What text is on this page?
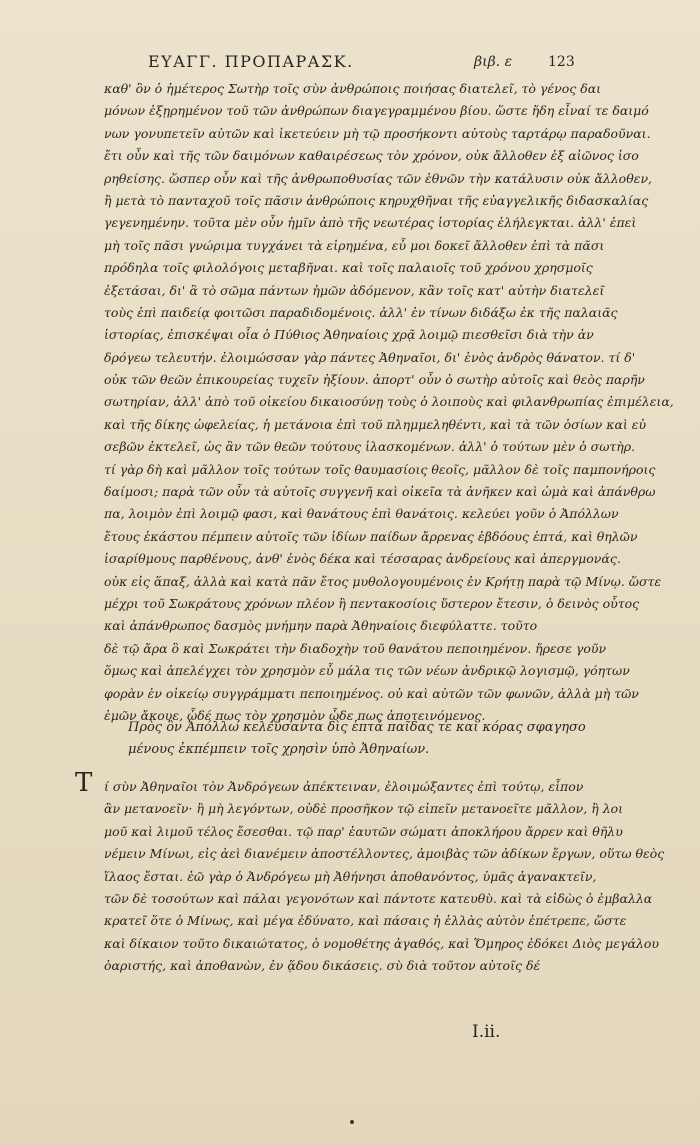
ΕΥΑΓΓ. ΠΡΟΠΑΡΑΣΚ.	βιβ. ε	123
καθ' ὃν ὁ ἡμέτερος Σωτὴρ τοῖς σὺν ἀνθρώποις ποιήσας διατελεῖ, τὸ γένος δαι
μόνων ἐξῃρημένον τοῦ τῶν ἀνθρώπων διαγεγραμμένου βίου. ὥστε ἤδη εἶναί τε δαιμό
νων γονυπετεῖν αὐτῶν καὶ ἱκετεύειν μὴ τῷ προσήκοντι αὐτοὺς ταρτάρῳ παραδοῦναι.
ἔτι οὖν καὶ τῆς τῶν δαιμόνων καθαιρέσεως τὸν χρόνον, οὐκ ἄλλοθεν ἐξ αἰῶνος ἰσο
ρηθείσης. ὥσπερ οὖν καὶ τῆς ἀνθρωποθυσίας τῶν ἐθνῶν τὴν κατάλυσιν οὐκ ἄλλοθεν,
ἢ μετὰ τὸ πανταχοῦ τοῖς πᾶσιν ἀνθρώποις κηρυχθῆναι τῆς εὐαγγελικῆς διδασκαλίας
γεγενημένην. τοῦτα μὲν οὖν ἡμῖν ἀπὸ τῆς νεωτέρας ἱστορίας ἐλήλεγκται. ἀλλ' ἐπεὶ
μὴ τοῖς πᾶσι γνώριμα τυγχάνει τὰ εἰρημένα, εὖ μοι δοκεῖ ἄλλοθεν ἐπὶ τὰ πᾶσι
πρόδηλα τοῖς φιλολόγοις μεταβῆναι. καὶ τοῖς παλαιοῖς τοῦ χρόνου χρησμοῖς
ἐξετάσαι, δι' ἃ τὸ σῶμα πάντων ἡμῶν ἀδόμενον, κἂν τοῖς κατ' αὐτὴν διατελεῖ
τοὺς ἐπὶ παιδείᾳ φοιτῶσι παραδιδομένοις. ἀλλ' ἐν τίνων διδάξω ἐκ τῆς παλαιᾶς
ἱστορίας, ἐπισκέψαι οἷα ὁ Πύθιος Ἀθηναίοις χρᾷ λοιμῷ πιεσθεῖσι διὰ τὴν ἀν
δρόγεω τελευτήν. ἐλοιμώσσαν γὰρ πάντες Ἀθηναῖοι, δι' ἑνὸς ἀνδρὸς θάνατον. τί δ'
οὐκ τῶν θεῶν ἐπικουρείας τυχεῖν ἠξίουν. ἀπορτ' οὖν ὁ σωτὴρ αὐτοῖς καὶ θεὸς παρῆν
σωτηρίαν, ἀλλ' ἀπὸ τοῦ οἰκείου δικαιοσύνῃ τοὺς ὁ λοιποὺς καὶ φιλανθρωπίας ἐπιμέλεια,
καὶ τῆς δίκης ὠφελείας, ἡ μετάνοια ἐπὶ τοῦ πλημμεληθέντι, καὶ τὰ τῶν ὁσίων καὶ εὐ
σεβῶν ἐκτελεῖ, ὡς ἂν τῶν θεῶν τούτους ἱλασκομένων. ἀλλ' ὁ τούτων μὲν ὁ σωτὴρ.
τί γὰρ δὴ καὶ μᾶλλον τοῖς τούτων τοῖς θαυμασίοις θεοῖς, μᾶλλον δὲ τοῖς παμπονήροις
δαίμοσι; παρὰ τῶν οὖν τὰ αὐτοῖς συγγενῆ καὶ οἰκεῖα τὰ ἀνῆκεν καὶ ὡμὰ καὶ ἀπάνθρω
πα, λοιμὸν ἐπὶ λοιμῷ φασι, καὶ θανάτους ἐπὶ θανάτοις. κελεύει γοῦν ὁ Ἀπόλλων
ἔτους ἑκάστου πέμπειν αὐτοῖς τῶν ἰδίων παίδων ἄρρενας ἑβδόους ἑπτά, καὶ θηλῶν
ἰσαρίθμους παρθένους, ἀνθ' ἑνὸς δέκα καὶ τέσσαρας ἀνδρείους καὶ ἀπεργμονάς.
οὐκ εἰς ἅπαξ, ἀλλὰ καὶ κατὰ πᾶν ἔτος μυθολογουμένοις ἐν Κρήτῃ παρὰ τῷ Μίνῳ. ὥστε
μέχρι τοῦ Σωκράτους χρόνων πλέον ἢ πεντακοσίοις ὕστερον ἔτεσιν, ὁ δεινὸς οὗτος
καὶ ἀπάνθρωπος δασμὸς μνήμην παρὰ Ἀθηναίοις διεφύλαττε. τοῦτο
δὲ τῷ ἄρα ὃ καὶ Σωκράτει τὴν διαδοχὴν τοῦ θανάτου πεποιημένον. ἤρεσε γοῦν
ὅμως καὶ ἀπελέγχει τὸν χρησμὸν εὖ μάλα τις τῶν νέων ἀνδρικῷ λογισμῷ, γόητων
φορὰν ἐν οἰκείῳ συγγράμματι πεποιημένος. οὐ καὶ αὐτῶν τῶν φωνῶν, ἀλλὰ μὴ τῶν
ἐμῶν ἄκουε, ὧδέ πως τὸν χρησμὸν ὧδε πως ἀποτεινόμενος.
Πρὸς ὃν Ἀπόλλω κελεύσαντα δὶς ἑπτὰ παῖδας τε καὶ κόρας σφαγησο
μένους ἐκπέμπειν τοῖς χρησὶν ὑπὸ Ἀθηναίων.
Τ ί σὺν Ἀθηναῖοι τὸν Ἀνδρόγεων ἀπέκτειναν, ἐλοιμώξαντες ἐπὶ τούτῳ, εἶπον
ἂν μετανοεῖν· ἢ μὴ λεγόντων, οὐδὲ προσῆκον τῷ εἰπεῖν μετανοεῖτε μᾶλλον, ἢ λοι
μοῦ καὶ λιμοῦ τέλος ἔσεσθαι. τῷ παρ' ἑαυτῶν σώματι ἀποκλήρου ἄρρεν καὶ θῆλυ
νέμειν Μίνωι, εἰς ἀεὶ διανέμειν ἀποστέλλοντες, ἀμοιβὰς τῶν ἀδίκων ἔργων, οὕτω θεὸς
ἵλαος ἔσται. ἐῶ γὰρ ὁ Ἀνδρόγεω μὴ Ἀθήνησι ἀποθανόντος, ὑμᾶς ἀγανακτεῖν,
τῶν δὲ τοσούτων καὶ πάλαι γεγονότων καὶ πάντοτε κατευθὺ. καὶ τὰ εἰδὼς ὁ ἐμβαλλα
κρατεῖ ὅτε ὁ Μίνως, καὶ μέγα ἐδύνατο, καὶ πάσαις ἡ ἑλλὰς αὐτὸν ἐπέτρεπε, ὥστε
καὶ δίκαιον τοῦτο δικαιώτατος, ὁ νομοθέτης ἀγαθός, καὶ Ὅμηρος ἐδόκει Διὸς μεγάλου
ὀαριστής, καὶ ἀποθανὼν, ἐν ᾅδου δικάσεις. σὺ διὰ τοῦτον αὐτοῖς δέ
I.ii.
